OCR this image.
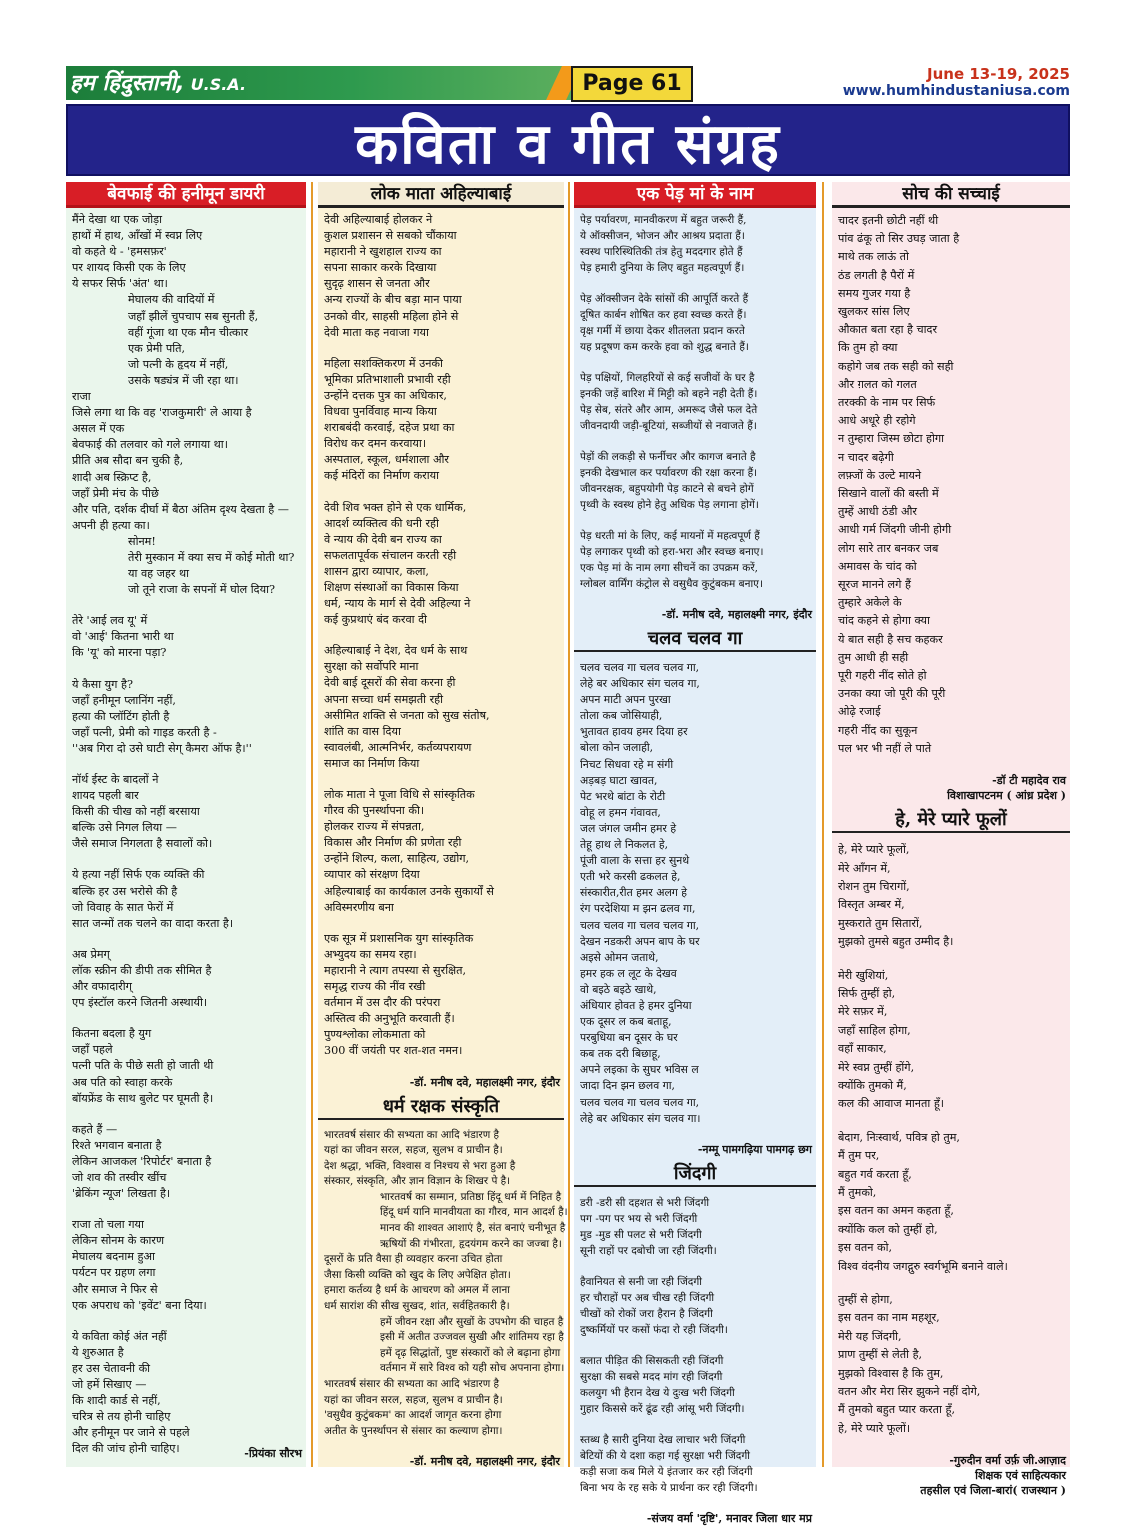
हम हिंदुस्तानी, U.S.A.	Page 61	June 13-19, 2025
www.humhindustaniusa.com
कविता व गीत संग्रह
बेवफाई की हनीमून डायरी
मैंने देखा था एक जोड़ा
हाथों में हाथ, आँखों में स्वप्न लिए
वो कहते थे - 'हमसफ़र'
पर शायद किसी एक के लिए
ये सफर सिर्फ 'अंत' था।
मेघालय की वादियों में
जहाँ झीलें चुपचाप सब सुनती हैं,
वहीं गूंजा था एक मौन चीत्कार
एक प्रेमी पति,
जो पत्नी के हृदय में नहीं,
उसके षड्यंत्र में जी रहा था।
राजा
जिसे लगा था कि वह 'राजकुमारी' ले आया है
असल में एक
बेवफाई की तलवार को गले लगाया था।
प्रीति अब सौदा बन चुकी है,
शादी अब स्क्रिप्ट है,
जहाँ प्रेमी मंच के पीछे
और पति, दर्शक दीर्घा में बैठा अंतिम दृश्य देखता है —
अपनी ही हत्या का।
सोनम!
तेरी मुस्कान में क्या सच में कोई मोती था?
या वह जहर था
जो तूने राजा के सपनों में घोल दिया?
तेरे 'आई लव यू' में
वो 'आई' कितना भारी था
कि 'यू' को मारना पड़ा?
ये कैसा युग है?
जहाँ हनीमून प्लानिंग नहीं,
हत्या की प्लॉटिंग होती है
जहाँ पत्नी, प्रेमी को गाइड करती है -
''अब गिरा दो उसे घाटी सेग् कैमरा ऑफ है।''
नॉर्थ ईस्ट के बादलों ने
शायद पहली बार
किसी की चीख को नहीं बरसाया
बल्कि उसे निगल लिया —
जैसे समाज निगलता है सवालों को।
ये हत्या नहीं सिर्फ एक व्यक्ति की
बल्कि हर उस भरोसे की है
जो विवाह के सात फेरों में
सात जन्मों तक चलने का वादा करता है।
अब प्रेमग्
लॉक स्क्रीन की डीपी तक सीमित है
और वफादारीग्
एप इंस्टॉल करने जितनी अस्थायी।
कितना बदला है युग
जहाँ पहले
पत्नी पति के पीछे सती हो जाती थी
अब पति को स्वाहा करके
बॉयफ्रेंड के साथ बुलेट पर घूमती है।
कहते हैं —
रिश्ते भगवान बनाता है
लेकिन आजकल 'रिपोर्टर' बनाता है
जो शव की तस्वीर खींच
'ब्रेकिंग न्यूज' लिखता है।
राजा तो चला गया
लेकिन सोनम के कारण
मेघालय बदनाम हुआ
पर्यटन पर ग्रहण लगा
और समाज ने फिर से
एक अपराध को 'इवेंट' बना दिया।
ये कविता कोई अंत नहीं
ये शुरुआत है
हर उस चेतावनी की
जो हमें सिखाए —
कि शादी कार्ड से नहीं,
चरित्र से तय होनी चाहिए
और हनीमून पर जाने से पहले
दिल की जांच होनी चाहिए।
लोक माता अहिल्याबाई
देवी अहिल्याबाई होलकर ने
कुशल प्रशासन से सबको चौंकाया
महारानी ने खुशहाल राज्य का
सपना साकार करके दिखाया
सुदृढ़ शासन से जनता और
अन्य राज्यों के बीच बड़ा मान पाया
उनको वीर, साहसी महिला होने से
देवी माता कह नवाजा गया
महिला सशक्तिकरण में उनकी
भूमिका प्रतिभाशाली प्रभावी रही
उन्होंने दत्तक पुत्र का अधिकार,
विधवा पुनर्विवाह मान्य किया
शराबबंदी करवाई, दहेज प्रथा का
विरोध कर दमन करवाया।
अस्पताल, स्कूल, धर्मशाला और
कई मंदिरों का निर्माण कराया
देवी शिव भक्त होने से एक धार्मिक,
आदर्श व्यक्तित्व की धनी रही
वे न्याय की देवी बन राज्य का
सफलतापूर्वक संचालन करती रही
शासन द्वारा व्यापार, कला,
शिक्षण संस्थाओं का विकास किया
धर्म, न्याय के मार्ग से देवी अहिल्या ने
कई कुप्रथाएं बंद करवा दी
अहिल्याबाई ने देश, देव धर्म के साथ
सुरक्षा को सर्वोपरि माना
देवी बाई दूसरों की सेवा करना ही
अपना सच्चा धर्म समझती रही
असीमित शक्ति से जनता को सुख संतोष,
शांति का वास दिया
स्वावलंबी, आत्मनिर्भर, कर्तव्यपरायण
समाज का निर्माण किया
लोक माता ने पूजा विधि से सांस्कृतिक
गौरव की पुनर्स्थापना की।
होलकर राज्य में संपन्नता,
विकास और निर्माण की प्रणेता रही
उन्होंने शिल्प, कला, साहित्य, उद्योग,
व्यापार को संरक्षण दिया
अहिल्याबाई का कार्यकाल उनके सुकार्यों से
अविस्मरणीय बना
एक सूत्र में प्रशासनिक युग सांस्कृतिक
अभ्युदय का समय रहा।
महारानी ने त्याग तपस्या से सुरक्षित,
समृद्ध राज्य की नींव रखी
वर्तमान में उस दौर की परंपरा
अस्तित्व की अनुभूति करवाती हैं।
पुण्यश्लोका लोकमाता को
300 वीं जयंती पर शत-शत नमन।
-डॉ. मनीष दवे, महालक्ष्मी नगर, इंदौर
धर्म रक्षक संस्कृति
भारतवर्ष संसार की सभ्यता का आदि भंडारण है
यहां का जीवन सरल, सहज, सुलभ व प्राचीन है।
देश श्रद्धा, भक्ति, विश्वास व निश्चय से भरा हुआ है
संस्कार, संस्कृति, और ज्ञान विज्ञान के शिखर पे है।
भारतवर्ष का सम्मान, प्रतिष्ठा हिंदू धर्म में निहित है
हिंदू धर्म यानि मानवीयता का गौरव, मान आदर्श है।
मानव की शाश्वत आशाएं है, संत बनाएं चनीभूत है
ऋषियों की गंभीरता, हृदयंगम करने का जज्बा है।
दूसरों के प्रति वैसा ही व्यवहार करना उचित होता
जैसा किसी व्यक्ति को खुद के लिए अपेक्षित होता।
हमारा कर्तव्य है धर्म के आचरण को अमल में लाना
धर्म सारांश की सीख सुखद, शांत, सर्वहितकारी है।
हमें जीवन रक्षा और सुखों के उपभोग की चाहत है
इसी में अतीत उज्जवल सुखी और शांतिमय रहा है
हमें दृढ़ सिद्धांतों, पुष्ट संस्कारों को ले बढ़ाना होगा
वर्तमान में सारे विश्व को यही सोच अपनाना होगा।
भारतवर्ष संसार की सभ्यता का आदि भंडारण है
यहां का जीवन सरल, सहज, सुलभ व प्राचीन है।
'वसुधैव कुटुंबकम' का आदर्श जागृत करना होगा
अतीत के पुनर्स्थापन से संसार का कल्याण होगा।
-डॉ. मनीष दवे, महालक्ष्मी नगर, इंदौर
एक पेड़ मां के नाम
पेड़ पर्यावरण, मानवीकरण में बहुत जरूरी हैं,
ये ऑक्सीजन, भोजन और आश्रय प्रदाता हैं।
स्वस्थ पारिस्थितिकी तंत्र हेतु मददगार होते हैं
पेड़ हमारी दुनिया के लिए बहुत महत्वपूर्ण हैं।
पेड़ ऑक्सीजन देके सांसों की आपूर्ति करते हैं
दूषित कार्बन शोषित कर हवा स्वच्छ करते हैं।
वृक्ष गर्मी में छाया देकर शीतलता प्रदान करते
यह प्रदूषण कम करके हवा को शुद्ध बनाते हैं।
पेड़ पक्षियों, गिलहरियों से कई सजीवों के घर है
इनकी जड़ें बारिश में मिट्टी को बहने नही देती हैं।
पेड़ सेब, संतरे और आम, अमरूद जैसे फल देते
जीवनदायी जड़ी-बूटियां, सब्जीयों से नवाजते हैं।
पेड़ों की लकड़ी से फर्नीचर और कागज बनाते है
इनकी देखभाल कर पर्यावरण की रक्षा करना हैं।
जीवनरक्षक, बहुपयोगी पेड़ काटने से बचने होगें
पृथ्वी के स्वस्थ होने हेतु अधिक पेड़ लगाना होगें।
पेड़ धरती मां के लिए, कई मायनों में महत्वपूर्ण हैं
पेड़ लगाकर पृथ्वी को हरा-भरा और स्वच्छ बनाए।
एक पेड़ मां के नाम लगा सीचनें का उपक्रम करें,
ग्लोबल वार्मिंग कंट्रोल से वसुधैव कुटुंबकम बनाए।
-डॉ. मनीष दवे, महालक्ष्मी नगर, इंदौर
चलव चलव गा
चलव चलव गा चलव चलव गा,
लेहे बर अधिकार संग चलव गा,
अपन माटी अपन पुरखा
तोला कब जोसियाही,
भुतावत हावय हमर दिया हर
बोला कोन जलाही,
निचट सिधवा रहे म संगी
अड़बड़ घाटा खावत,
पेट भरथे बांटा के रोटी
वोहू ल हमन गंवावत,
जल जंगल जमीन हमर हे
तेहू हाथ ले निकलत हे,
पूंजी वाला के सत्ता हर सुनथे
एती भरे करसी ढकलत हे,
संस्कारीत,रीत हमर अलग हे
रंग परदेशिया म झन ढलव गा,
चलव चलव गा चलव चलव गा,
देखन नडकरी अपन बाप के घर
अइसे ओमन जताथे,
हमर हक ल लूट के देखव
वो बइठे बइठे खाथे,
अंधियार होवत हे हमर दुनिया
एक दूसर ल कब बताहू,
परबुधिया बन दूसर के घर
कब तक दरी बिछाहू,
अपने लइका के सुघर भविस ल
जादा दिन झन छलव गा,
चलव चलव गा चलव चलव गा,
लेहे बर अधिकार संग चलव गा।
-नम्मू पामगढ़िया पामगढ़ छग
जिंदगी
डरी -डरी सी दहशत से भरी जिंदगी
पग -पग पर भय से भरी जिंदगी
मुड -मुड सी पलट से भरी जिंदगी
सूनी राहों पर दबोची जा रही जिंदगी।
हैवानियत से सनी जा रही जिंदगी
हर चौराहों पर अब चीख रही जिंदगी
चीखों को रोकों जरा हैरान है जिंदगी
दुष्कर्मियों पर कसों फंदा रो रही जिंदगी।
बलात पीड़ित की सिसकती रही जिंदगी
सुरक्षा की सबसे मदद मांग रही जिंदगी
कलयुग भी हैरान देख ये दुःख भरी जिंदगी
गुहार किससे करें ढूंढ रही आंसू भरी जिंदगी।
स्तब्ध है सारी दुनिया देख लाचार भरी जिंदगी
बेटियों की ये दशा कहा गई सुरक्षा भरी जिंदगी
कड़ी सजा कब मिले ये इंतजार कर रही जिंदगी
बिना भय के रह सके ये प्रार्थना कर रही जिंदगी।
-संजय वर्मा 'दृष्टि', मनावर जिला धार मप्र
सोच की सच्चाई
चादर इतनी छोटी नहीं थी
पांव ढंकू तो सिर उघड़ जाता है
माथे तक लाऊं तो
ठंड लगती है पैरों में
समय गुजर गया है
खुलकर सांस लिए
औकात बता रहा है चादर
कि तुम हो क्या
कहोगे जब तक सही को सही
और ग़लत को गलत
तरक्की के नाम पर सिर्फ
आधे अधूरे ही रहोगे
न तुम्हारा जिस्म छोटा होगा
न चादर बढ़ेगी
लफ़्जों के उल्टे मायने
सिखाने वालों की बस्ती में
तुम्हें आधी ठंडी और
आधी गर्म जिंदगी जीनी होगी
लोग सारे तार बनकर जब
अमावस के चांद को
सूरज मानने लगे हैं
तुम्हारे अकेले के
चांद कहने से होगा क्या
ये बात सही है सच कहकर
तुम आधी ही सही
पूरी गहरी नींद सोते हो
उनका क्या जो पूरी की पूरी
ओढ़े रजाई
गहरी नींद का सुकून
पल भर भी नहीं ले पाते
-डॉ टी महादेव राव
विशाखापटनम ( आंध्र प्रदेश )
हे, मेरे प्यारे फूलों
हे, मेरे प्यारे फूलों,
मेरे आँगन में,
रोशन तुम चिरागों,
विस्तृत अम्बर में,
मुस्कराते तुम सितारों,
मुझको तुमसे बहुत उम्मीद है।
मेरी खुशियां,
सिर्फ तुम्हीं हो,
मेरे सफ़र में,
जहाँ साहिल होगा,
वहाँ साकार,
मेरे स्वप्न तुम्हीं होंगे,
क्योंकि तुमको मैं,
कल की आवाज मानता हूँ।
बेदाग, निःस्वार्थ, पवित्र हो तुम,
मैं तुम पर,
बहुत गर्व करता हूँ,
मैं तुमको,
इस वतन का अमन कहता हूँ,
क्योंकि कल को तुम्हीं हो,
इस वतन को,
विश्व वंदनीय जगद्गुरु स्वर्गभूमि बनाने वाले।
तुम्हीं से होगा,
इस वतन का नाम महशूर,
मेरी यह जिंदगी,
प्राण तुम्हीं से लेती है,
मुझको विश्वास है कि तुम,
वतन और मेरा सिर झुकने नहीं दोगे,
मैं तुमको बहुत प्यार करता हूँ,
हे, मेरे प्यारे फूलों।
-गुरुदीन वर्मा उर्फ़ जी.आज़ाद
शिक्षक एवं साहित्यकार
तहसील एवं जिला-बारां( राजस्थान )
-प्रियंका सौरभ
